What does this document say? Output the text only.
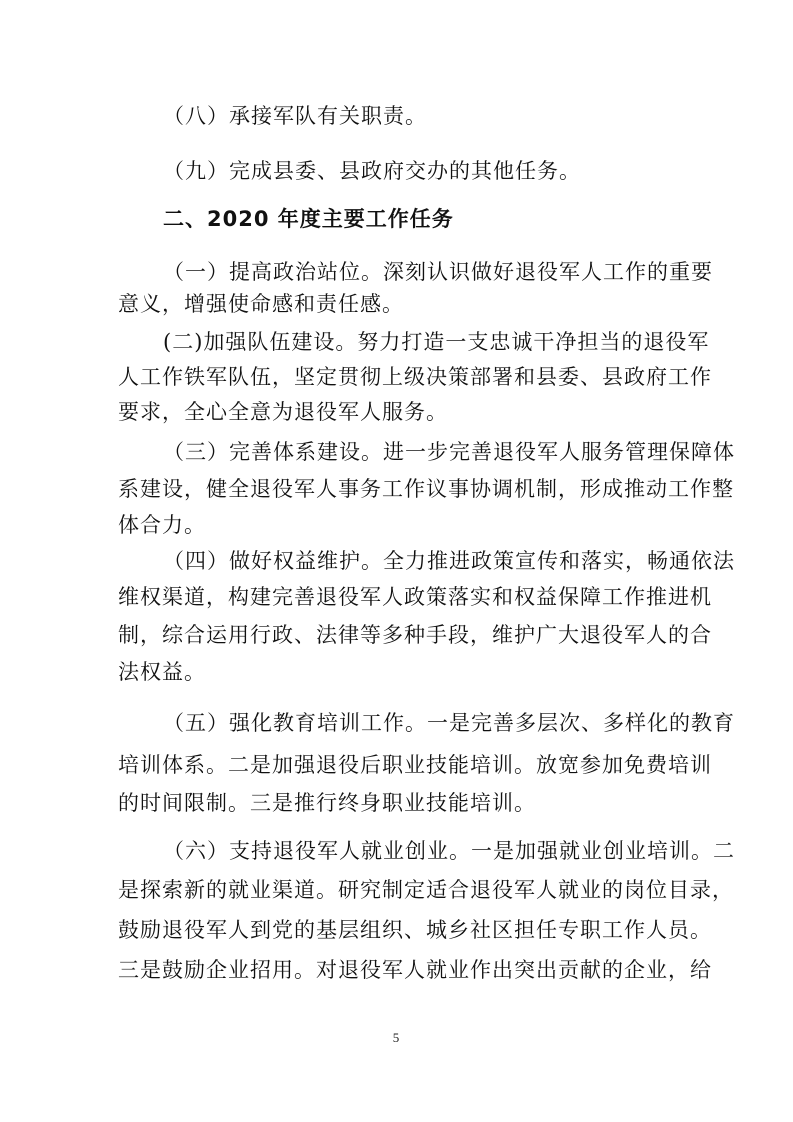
（八）承接军队有关职责。
（九）完成县委、县政府交办的其他任务。
二、2020 年度主要工作任务
（一）提高政治站位。深刻认识做好退役军人工作的重要
意义，增强使命感和责任感。
(二)加强队伍建设。努力打造一支忠诚干净担当的退役军
人工作铁军队伍，坚定贯彻上级决策部署和县委、县政府工作
要求，全心全意为退役军人服务。
（三）完善体系建设。进一步完善退役军人服务管理保障体
系建设，健全退役军人事务工作议事协调机制，形成推动工作整
体合力。
（四）做好权益维护。全力推进政策宣传和落实，畅通依法
维权渠道，构建完善退役军人政策落实和权益保障工作推进机
制，综合运用行政、法律等多种手段，维护广大退役军人的合
法权益。
（五）强化教育培训工作。一是完善多层次、多样化的教育
培训体系。二是加强退役后职业技能培训。放宽参加免费培训
的时间限制。三是推行终身职业技能培训。
（六）支持退役军人就业创业。一是加强就业创业培训。二
是探索新的就业渠道。研究制定适合退役军人就业的岗位目录，
鼓励退役军人到党的基层组织、城乡社区担任专职工作人员。
三是鼓励企业招用。对退役军人就业作出突出贡献的企业，给
5
